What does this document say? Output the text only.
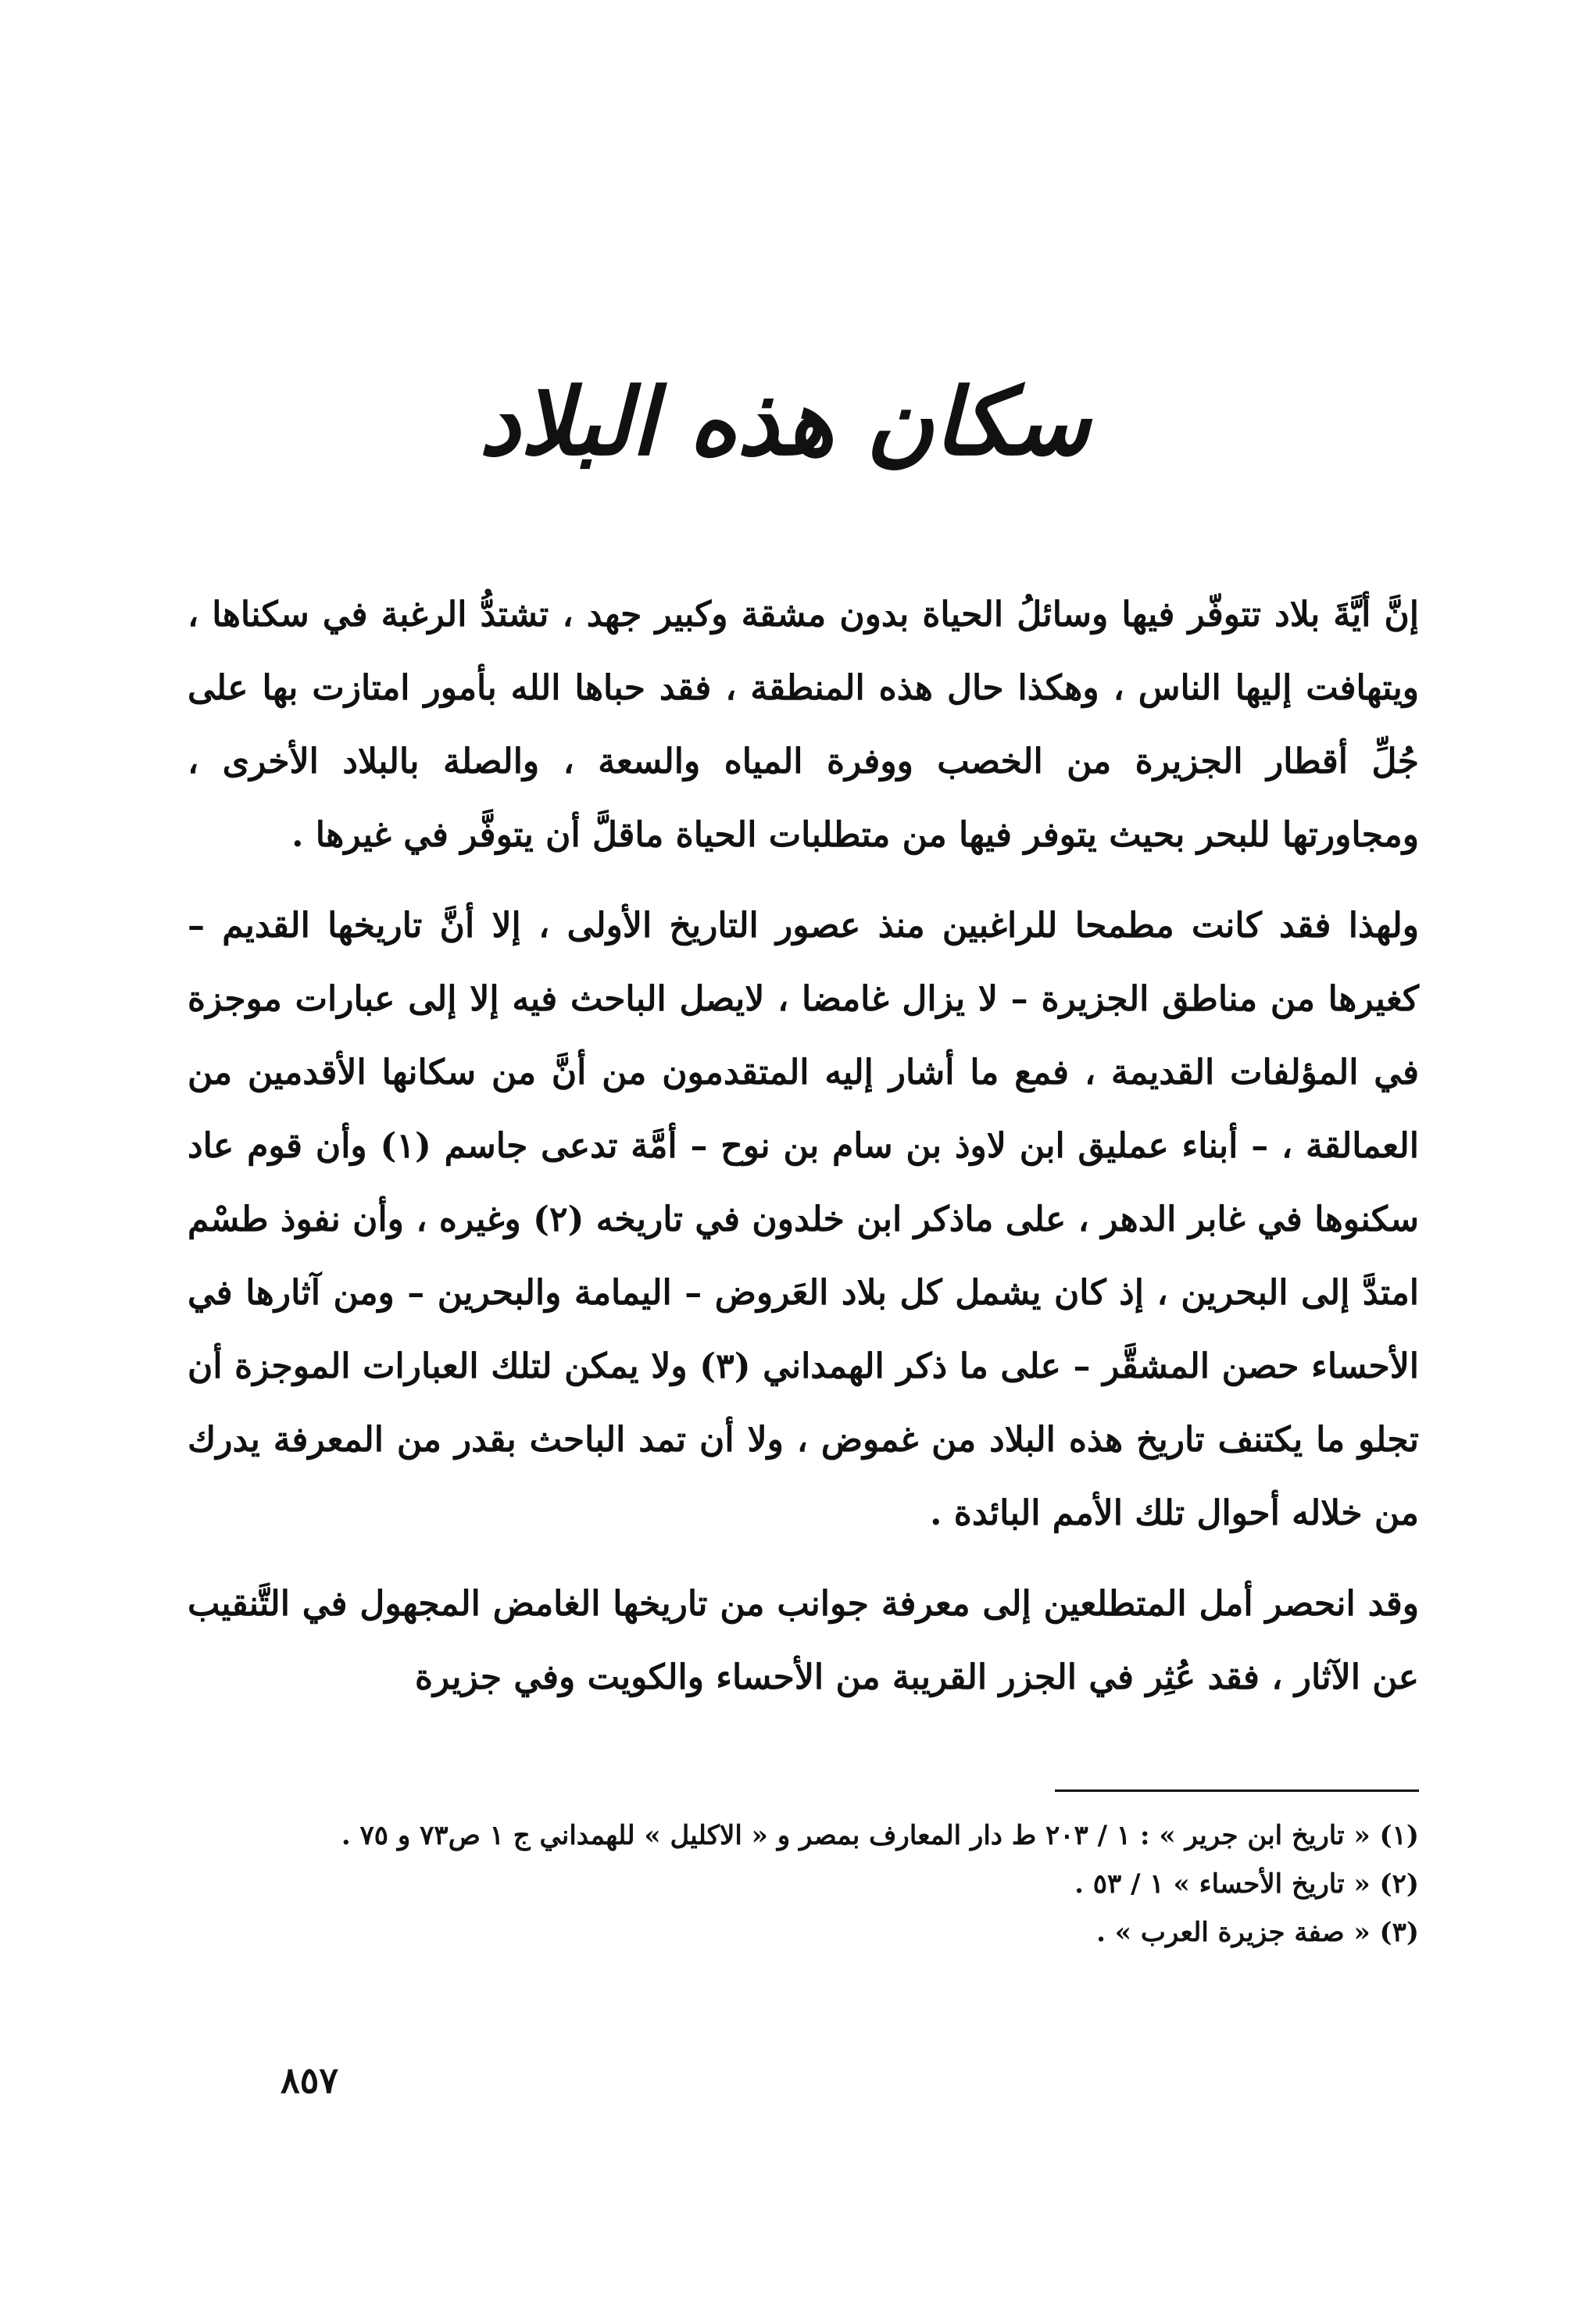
سكان هذه البلاد

إنَّ أيَّةَ بلاد تتوفّر فيها وسائلُ الحياة بدون مشقة وكبير جهد ، تشتدُّ الرغبة في سكناها ، ويتهافت إليها الناس ، وهكذا حال هذه المنطقة ، فقد حباها الله بأمور امتازت بها على جُلِّ أقطار الجزيرة من الخصب ووفرة المياه والسعة ، والصلة بالبلاد الأخرى ، ومجاورتها للبحر بحيث يتوفر فيها من متطلبات الحياة ماقلَّ أن يتوفَّر في غيرها .

ولهذا فقد كانت مطمحا للراغبين منذ عصور التاريخ الأولى ، إلا أنَّ تاريخها القديم – كغيرها من مناطق الجزيرة – لا يزال غامضا ، لايصل الباحث فيه إلا إلى عبارات موجزة في المؤلفات القديمة ، فمع ما أشار إليه المتقدمون من أنَّ من سكانها الأقدمين من العمالقة ، – أبناء عمليق ابن لاوذ بن سام بن نوح – أمَّة تدعى جاسم (١) وأن قوم عاد سكنوها في غابر الدهر ، على ماذكر ابن خلدون في تاريخه (٢) وغيره ، وأن نفوذ طسْم امتدَّ إلى البحرين ، إذ كان يشمل كل بلاد العَروض – اليمامة والبحرين – ومن آثارها في الأحساء حصن المشقَّر – على ما ذكر الهمداني (٣) ولا يمكن لتلك العبارات الموجزة أن تجلو ما يكتنف تاريخ هذه البلاد من غموض ، ولا أن تمد الباحث بقدر من المعرفة يدرك من خلاله أحوال تلك الأمم البائدة .

وقد انحصر أمل المتطلعين إلى معرفة جوانب من تاريخها الغامض المجهول في التَّنقيب عن الآثار ، فقد عُثِر في الجزر القريبة من الأحساء والكويت وفي جزيرة

(١) « تاريخ ابن جرير » : ١ / ٢٠٣ ط دار المعارف بمصر و « الاكليل » للهمداني ج ١ ص٧٣ و ٧٥ .
(٢) « تاريخ الأحساء » ١ / ٥٣ .
(٣) « صفة جزيرة العرب » .
٨٥٧
